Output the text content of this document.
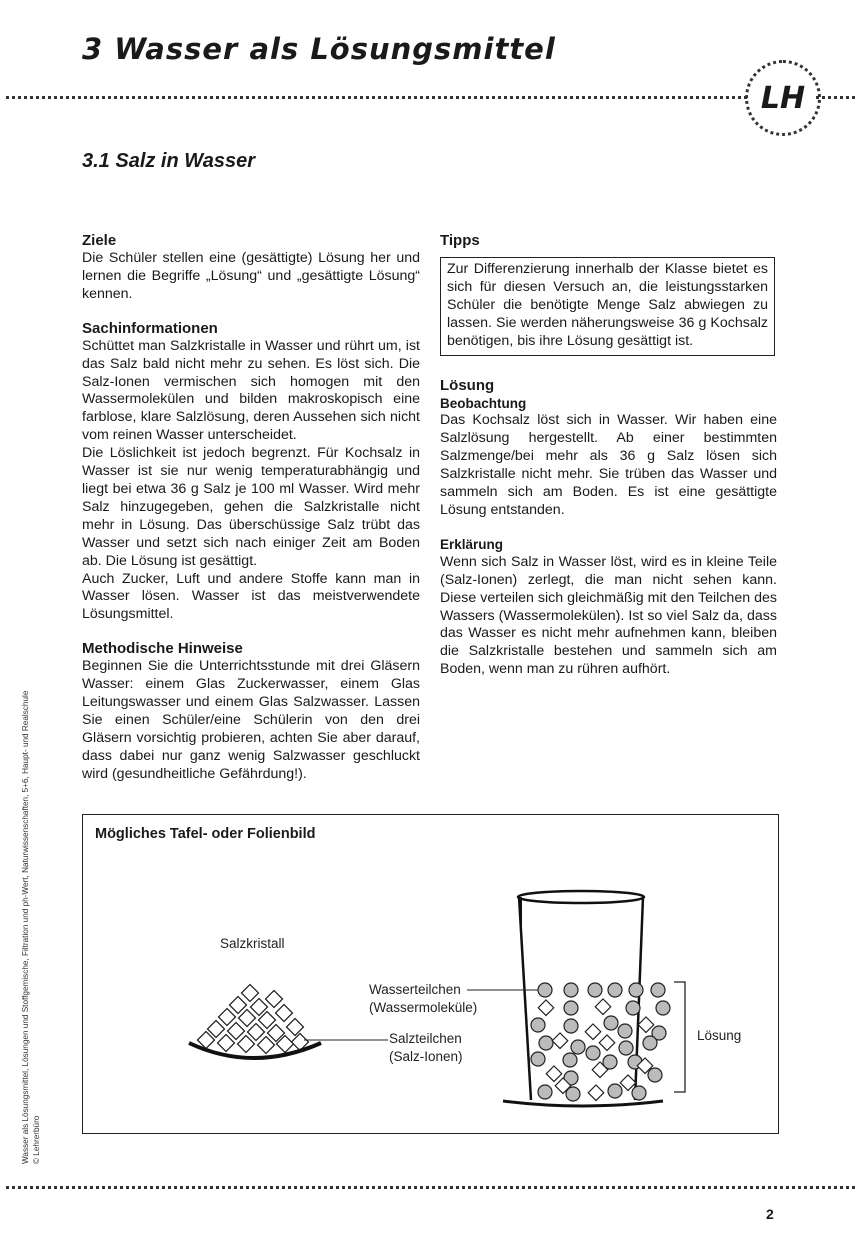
3 Wasser als Lösungsmittel
LH
3.1 Salz in Wasser
Ziele

Die Schüler stellen eine (gesättigte) Lösung her und lernen die Begriffe „Lösung“ und „gesättigte Lösung“ kennen.

Sachinformationen

Schüttet man Salzkristalle in Wasser und rührt um, ist das Salz bald nicht mehr zu sehen. Es löst sich. Die Salz-Ionen vermischen sich homogen mit den Wassermolekülen und bilden makroskopisch eine farblose, klare Salzlösung, deren Aussehen sich nicht vom reinen Wasser unterscheidet.

Die Löslichkeit ist jedoch begrenzt. Für Kochsalz in Wasser ist sie nur wenig temperaturabhängig und liegt bei etwa 36 g Salz je 100 ml Wasser. Wird mehr Salz hinzugegeben, gehen die Salzkristalle nicht mehr in Lösung. Das überschüssige Salz trübt das Wasser und setzt sich nach einiger Zeit am Boden ab. Die Lösung ist gesättigt.

Auch Zucker, Luft und andere Stoffe kann man in Wasser lösen. Wasser ist das meistverwendete Lösungsmittel.

Methodische Hinweise

Beginnen Sie die Unterrichtsstunde mit drei Gläsern Wasser: einem Glas Zuckerwasser, einem Glas Leitungswasser und einem Glas Salzwasser. Lassen Sie einen Schüler/eine Schülerin von den drei Gläsern vorsichtig probieren, achten Sie aber darauf, dass dabei nur ganz wenig Salzwasser geschluckt wird (gesundheitliche Gefährdung!).

Tipps

Zur Differenzierung innerhalb der Klasse bietet es sich für diesen Versuch an, die leistungsstarken Schüler die benötigte Menge Salz abwiegen zu lassen. Sie werden näherungsweise 36 g Kochsalz benötigen, bis ihre Lösung gesättigt ist.

Lösung
Beobachtung

Das Kochsalz löst sich in Wasser. Wir haben eine Salzlösung hergestellt. Ab einer bestimmten Salzmenge/bei mehr als 36 g Salz lösen sich Salzkristalle nicht mehr. Sie trüben das Wasser und sammeln sich am Boden. Es ist eine gesättigte Lösung entstanden.

Erklärung

Wenn sich Salz in Wasser löst, wird es in kleine Teile (Salz-Ionen) zerlegt, die man nicht sehen kann. Diese verteilen sich gleichmäßig mit den Teilchen des Wassers (Wassermolekülen). Ist so viel Salz da, dass das Wasser es nicht mehr aufnehmen kann, bleiben die Salzkristalle bestehen und sammeln sich am Boden, wenn man zu rühren aufhört.

Wasser als Lösungsmittel, Lösungen und Stoffgemische, Filtration und ph-Wert, Naturwissenschaften, 5+6, Haupt- und Realschule © Lehrerbüro
Mögliches Tafel- oder Folienbild
Salzkristall
Wasserteilchen
(Wassermoleküle)
Salzteilchen
(Salz-Ionen)
Lösung
2
